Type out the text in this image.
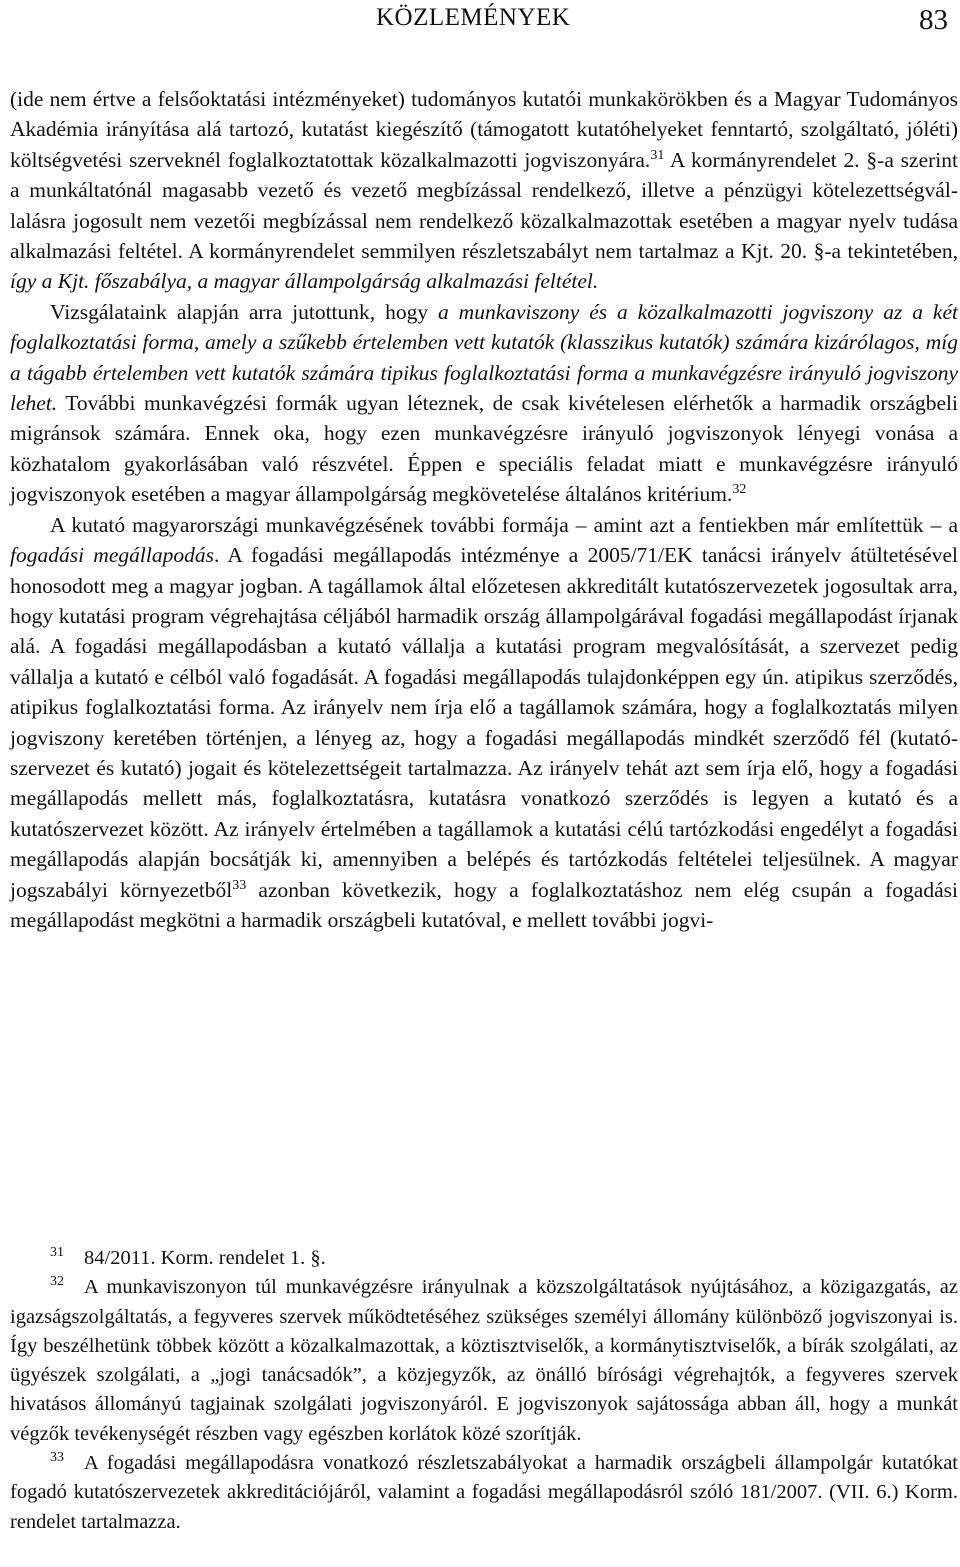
KÖZLEMÉNYEK	83

(ide nem értve a felsőoktatási intézményeket) tudományos kutatói munkakörökben és a Magyar Tudományos Akadémia irányítása alá tartozó, kutatást kiegészítő (támogatott kutatóhelyeket fenntartó, szolgáltató, jóléti) költségvetési szerveknél foglalkoztatottak közalkalmazotti jogviszonyára.$^{31}$ A kormányrendelet 2. §-a szerint a munkáltatónál magasabb vezető és vezető megbízással rendelkező, illetve a pénzügyi kötelezettségvállalásra jogosult nem vezetői megbízással nem rendelkező közalkalmazottak esetében a magyar nyelv tudása alkalmazási feltétel. A kormányrendelet semmilyen részletszabályt nem tartalmaz a Kjt. 20. §-a tekintetében, így a Kjt. főszabálya, a magyar állampolgárság alkalmazási feltétel.

Vizsgálataink alapján arra jutottunk, hogy a munkaviszony és a közalkalmazotti jogviszony az a két foglalkoztatási forma, amely a szűkebb értelemben vett kutatók (klasszikus kutatók) számára kizárólagos, míg a tágabb értelemben vett kutatók számára tipikus foglalkoztatási forma a munkavégzésre irányuló jogviszony lehet. További munkavégzési formák ugyan léteznek, de csak kivételesen elérhetők a harmadik országbeli migránsok számára. Ennek oka, hogy ezen munkavégzésre irányuló jogviszonyok lényegi vonása a közhatalom gyakorlásában való részvétel. Éppen e speciális feladat miatt e munkavégzésre irányuló jogviszonyok esetében a magyar állampolgárság megkövetelése általános kritérium.$^{32}$

A kutató magyarországi munkavégzésének további formája – amint azt a fentiekben már említettük – a fogadási megállapodás. A fogadási megállapodás intézménye a 2005/71/EK tanácsi irányelv átültetésével honosodott meg a magyar jogban. A tagállamok által előzetesen akkreditált kutatószervezetek jogosultak arra, hogy kutatási program végrehajtása céljából harmadik ország állampolgárával fogadási megállapodást írjanak alá. A fogadási megállapodásban a kutató vállalja a kutatási program megvalósítását, a szervezet pedig vállalja a kutató e célból való fogadását. A fogadási megállapodás tulajdonképpen egy ún. atipikus szerződés, atipikus foglalkoztatási forma. Az irányelv nem írja elő a tagállamok számára, hogy a foglalkoztatás milyen jogviszony keretében történjen, a lényeg az, hogy a fogadási megállapodás mindkét szerződő fél (kutatószervezet és kutató) jogait és kötelezettségeit tartalmazza. Az irányelv tehát azt sem írja elő, hogy a fogadási megállapodás mellett más, foglalkoztatásra, kutatásra vonatkozó szerződés is legyen a kutató és a kutatószervezet között. Az irányelv értelmében a tagállamok a kutatási célú tartózkodási engedélyt a fogadási megállapodás alapján bocsátják ki, amennyiben a belépés és tartózkodás feltételei teljesülnek. A magyar jogszabályi környezetből$^{33}$ azonban következik, hogy a foglalkoztatáshoz nem elég csupán a fogadási megállapodást megkötni a harmadik országbeli kutatóval, e mellett további jogvi-

$^{31}$ 84/2011. Korm. rendelet 1. §.

$^{32}$ A munkaviszonyon túl munkavégzésre irányulnak a közszolgáltatások nyújtásához, a közigazgatás, az igazságszolgáltatás, a fegyveres szervek működtetéséhez szükséges személyi állomány különböző jogviszonyai is. Így beszélhetünk többek között a közalkalmazottak, a köztisztviselők, a kormánytisztviselők, a bírák szolgálati, az ügyészek szolgálati, a „jogi tanácsadók”, a közjegyzők, az önálló bírósági végrehajtók, a fegyveres szervek hivatásos állományú tagjainak szolgálati jogviszonyáról. E jogviszonyok sajátossága abban áll, hogy a munkát végzők tevékenységét részben vagy egészben korlátok közé szorítják.

$^{33}$ A fogadási megállapodásra vonatkozó részletszabályokat a harmadik országbeli állampolgár kutatókat fogadó kutatószervezetek akkreditációjáról, valamint a fogadási megállapodásról szóló 181/2007. (VII. 6.) Korm. rendelet tartalmazza.
